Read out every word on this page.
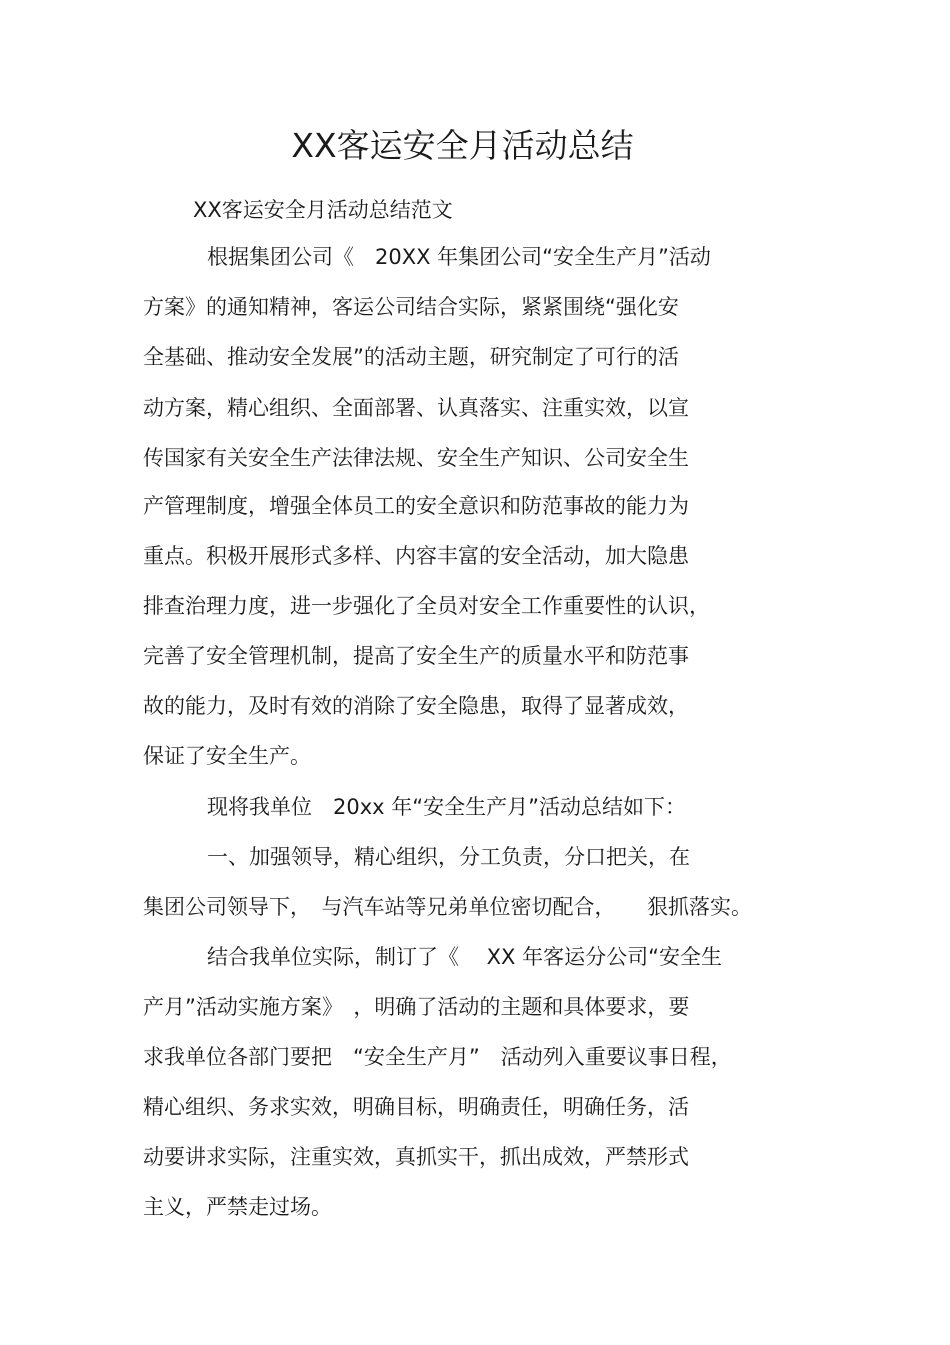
XX客运安全月活动总结

XX客运安全月活动总结范文

根据集团公司《　20XX 年集团公司“安全生产月”活动

方案》的通知精神，客运公司结合实际，紧紧围绕“强化安

全基础、推动安全发展”的活动主题，研究制定了可行的活

动方案，精心组织、全面部署、认真落实、注重实效，以宣

传国家有关安全生产法律法规、安全生产知识、公司安全生

产管理制度，增强全体员工的安全意识和防范事故的能力为

重点。积极开展形式多样、内容丰富的安全活动，加大隐患

排查治理力度，进一步强化了全员对安全工作重要性的认识，

完善了安全管理机制，提高了安全生产的质量水平和防范事

故的能力，及时有效的消除了安全隐患，取得了显著成效，

保证了安全生产。

现将我单位　20xx 年“安全生产月”活动总结如下：

一、加强领导，精心组织，分工负责，分口把关，在

集团公司领导下，　与汽车站等兄弟单位密切配合，　　狠抓落实。

结合我单位实际，制订了《　 XX 年客运分公司“安全生

产月”活动实施方案》　，明确了活动的主题和具体要求，要

求我单位各部门要把　“安全生产月”　活动列入重要议事日程，

精心组织、务求实效，明确目标，明确责任，明确任务，活

动要讲求实际，注重实效，真抓实干，抓出成效，严禁形式

主义，严禁走过场。
